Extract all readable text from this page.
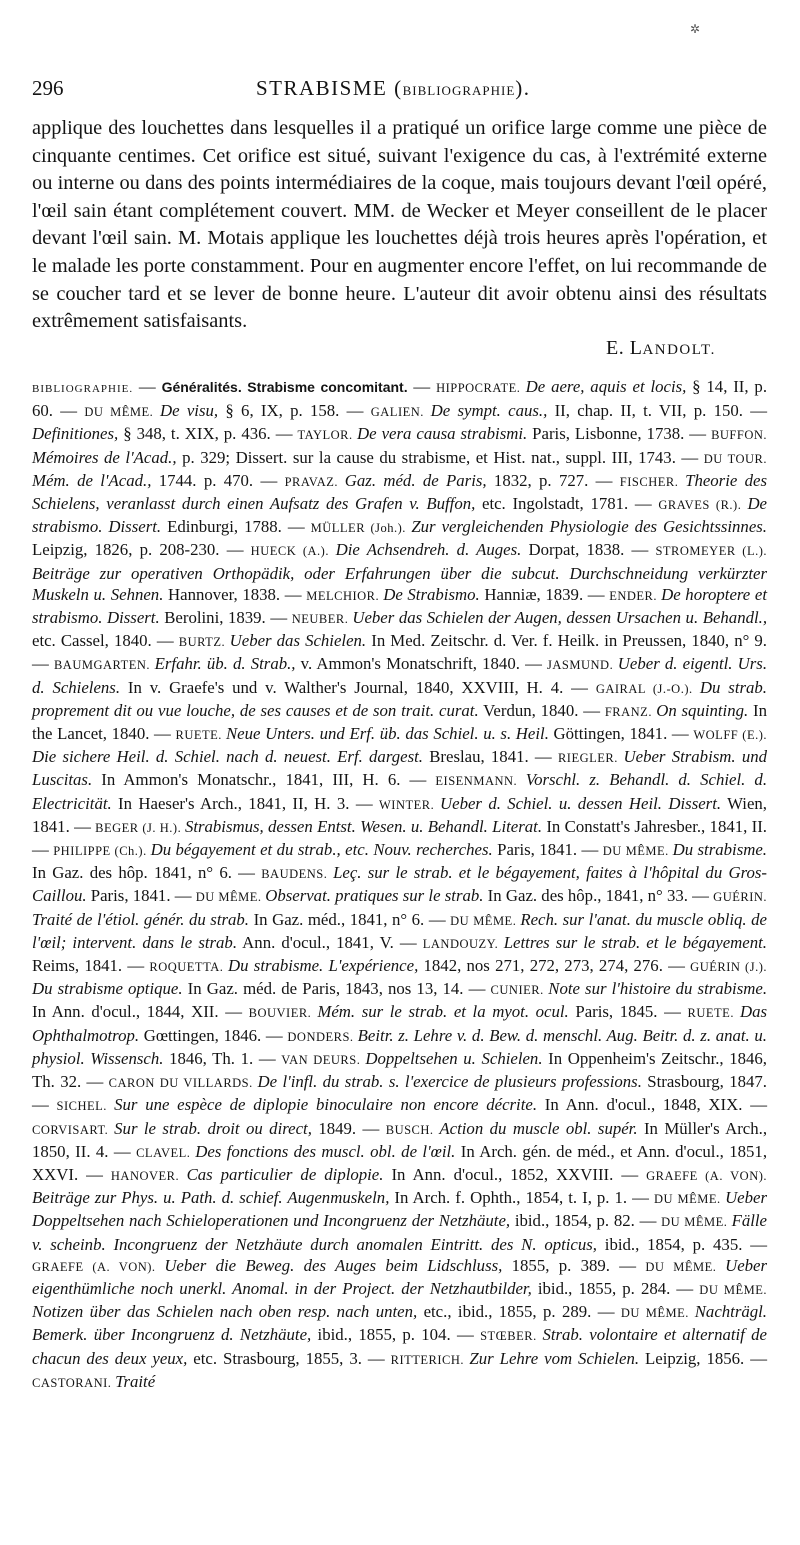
✲
296	STRABISME (BIBLIOGRAPHIE).

applique des louchettes dans lesquelles il a pratiqué un orifice large comme une pièce de cinquante centimes. Cet orifice est situé, suivant l'exigence du cas, à l'extrémité externe ou interne ou dans des points intermédiaires de la coque, mais toujours devant l'œil opéré, l'œil sain étant complétement couvert. MM. de Wecker et Meyer conseillent de le placer devant l'œil sain. M. Motais applique les louchettes déjà trois heures après l'opération, et le malade les porte constamment. Pour en augmenter encore l'effet, on lui recommande de se coucher tard et se lever de bonne heure. L'auteur dit avoir obtenu ainsi des résultats extrêmement satisfaisants.

E. LANDOLT.

BIBLIOGRAPHIE. — Généralités. Strabisme concomitant. — HIPPOCRATE. De aere, aquis et locis, § 14, II, p. 60. — DU MÊME. De visu, § 6, IX, p. 158. — GALIEN. De sympt. caus., II, chap. II, t. VII, p. 150. — Definitiones, § 348, t. XIX, p. 436. — TAYLOR. De vera causa strabismi. Paris, Lisbonne, 1738. — BUFFON. Mémoires de l'Acad., p. 329; Dissert. sur la cause du strabisme, et Hist. nat., suppl. III, 1743. — DU TOUR. Mém. de l'Acad., 1744. p. 470. — PRAVAZ. Gaz. méd. de Paris, 1832, p. 727. — FISCHER. Theorie des Schielens, veranlasst durch einen Aufsatz des Grafen v. Buffon, etc. Ingolstadt, 1781. — GRAVES (R.). De strabismo. Dissert. Edinburgi, 1788. — MÜLLER (Joh.). Zur vergleichenden Physiologie des Gesichtssinnes. Leipzig, 1826, p. 208-230. — HUECK (A.). Die Achsendreh. d. Auges. Dorpat, 1838. — STROMEYER (L.). Beiträge zur operativen Orthopädik, oder Erfahrungen über die subcut. Durchschneidung verkürzter Muskeln u. Sehnen. Hannover, 1838. — MELCHIOR. De Strabismo. Hanniæ, 1839. — ENDER. De horoptere et strabismo. Dissert. Berolini, 1839. — NEUBER. Ueber das Schielen der Augen, dessen Ursachen u. Behandl., etc. Cassel, 1840. — BURTZ. Ueber das Schielen. In Med. Zeitschr. d. Ver. f. Heilk. in Preussen, 1840, n° 9. — BAUMGARTEN. Erfahr. üb. d. Strab., v. Ammon's Monatschrift, 1840. — JASMUND. Ueber d. eigentl. Urs. d. Schielens. In v. Graefe's und v. Walther's Journal, 1840, XXVIII, H. 4. — GAIRAL (J.-O.). Du strab. proprement dit ou vue louche, de ses causes et de son trait. curat. Verdun, 1840. — FRANZ. On squinting. In the Lancet, 1840. — RUETE. Neue Unters. und Erf. üb. das Schiel. u. s. Heil. Göttingen, 1841. — WOLFF (E.). Die sichere Heil. d. Schiel. nach d. neuest. Erf. dargest. Breslau, 1841. — RIEGLER. Ueber Strabism. und Luscitas. In Ammon's Monatschr., 1841, III, H. 6. — EISENMANN. Vorschl. z. Behandl. d. Schiel. d. Electricität. In Haeser's Arch., 1841, II, H. 3. — WINTER. Ueber d. Schiel. u. dessen Heil. Dissert. Wien, 1841. — BEGER (J. H.). Strabismus, dessen Entst. Wesen. u. Behandl. Literat. In Constatt's Jahresber., 1841, II. — PHILIPPE (Ch.). Du bégayement et du strab., etc. Nouv. recherches. Paris, 1841. — DU MÊME. Du strabisme. In Gaz. des hôp. 1841, n° 6. — BAUDENS. Leç. sur le strab. et le bégayement, faites à l'hôpital du Gros-Caillou. Paris, 1841. — DU MÊME. Observat. pratiques sur le strab. In Gaz. des hôp., 1841, n° 33. — GUÉRIN. Traité de l'étiol. génér. du strab. In Gaz. méd., 1841, n° 6. — DU MÊME. Rech. sur l'anat. du muscle obliq. de l'œil; intervent. dans le strab. Ann. d'ocul., 1841, V. — LANDOUZY. Lettres sur le strab. et le bégayement. Reims, 1841. — ROQUETTA. Du strabisme. L'expérience, 1842, nos 271, 272, 273, 274, 276. — GUÉRIN (J.). Du strabisme optique. In Gaz. méd. de Paris, 1843, nos 13, 14. — CUNIER. Note sur l'histoire du strabisme. In Ann. d'ocul., 1844, XII. — BOUVIER. Mém. sur le strab. et la myot. ocul. Paris, 1845. — RUETE. Das Ophthalmotrop. Gœttingen, 1846. — DONDERS. Beitr. z. Lehre v. d. Bew. d. menschl. Aug. Beitr. d. z. anat. u. physiol. Wissensch. 1846, Th. 1. — VAN DEURS. Doppeltsehen u. Schielen. In Oppenheim's Zeitschr., 1846, Th. 32. — CARON DU VILLARDS. De l'infl. du strab. s. l'exercice de plusieurs professions. Strasbourg, 1847. — SICHEL. Sur une espèce de diplopie binoculaire non encore décrite. In Ann. d'ocul., 1848, XIX. — CORVISART. Sur le strab. droit ou direct, 1849. — BUSCH. Action du muscle obl. supér. In Müller's Arch., 1850, II. 4. — CLAVEL. Des fonctions des muscl. obl. de l'œil. In Arch. gén. de méd., et Ann. d'ocul., 1851, XXVI. — HANOVER. Cas particulier de diplopie. In Ann. d'ocul., 1852, XXVIII. — GRAEFE (A. VON). Beiträge zur Phys. u. Path. d. schief. Augenmuskeln, In Arch. f. Ophth., 1854, t. I, p. 1. — DU MÊME. Ueber Doppeltsehen nach Schieloperationen und Incongruenz der Netzhäute, ibid., 1854, p. 82. — DU MÊME. Fälle v. scheinb. Incongruenz der Netzhäute durch anomalen Eintritt. des N. opticus, ibid., 1854, p. 435. — GRAEFE (A. VON). Ueber die Beweg. des Auges beim Lidschluss, 1855, p. 389. — DU MÊME. Ueber eigenthümliche noch unerkl. Anomal. in der Project. der Netzhautbilder, ibid., 1855, p. 284. — DU MÊME. Notizen über das Schielen nach oben resp. nach unten, etc., ibid., 1855, p. 289. — DU MÊME. Nachträgl. Bemerk. über Incongruenz d. Netzhäute, ibid., 1855, p. 104. — STŒBER. Strab. volontaire et alternatif de chacun des deux yeux, etc. Strasbourg, 1855, 3. — RITTERICH. Zur Lehre vom Schielen. Leipzig, 1856. — CASTORANI. Traité
